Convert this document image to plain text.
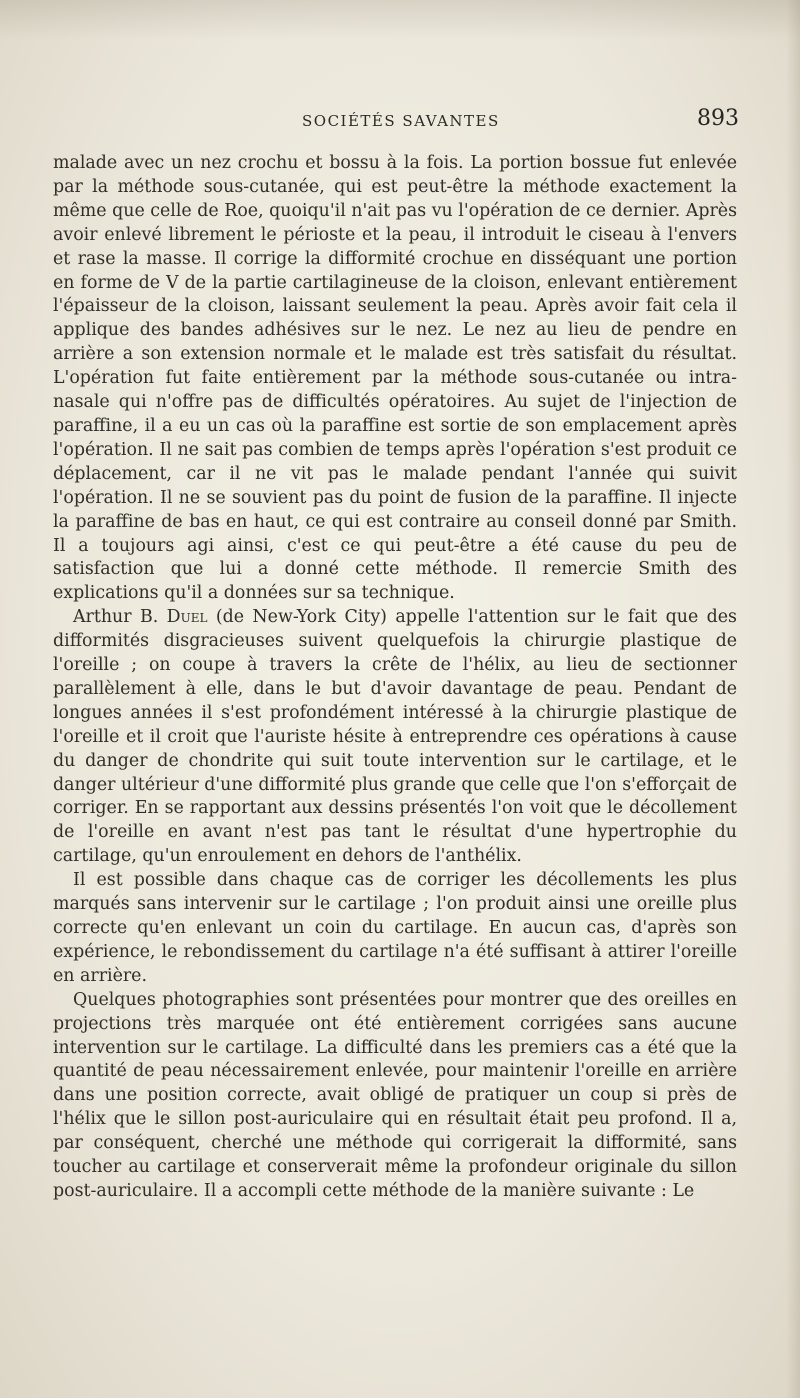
SOCIÉTÉS SAVANTES	893

malade avec un nez crochu et bossu à la fois. La portion bossue fut enlevée par la méthode sous-cutanée, qui est peut-être la méthode exactement la même que celle de Roe, quoiqu'il n'ait pas vu l'opération de ce dernier. Après avoir enlevé librement le périoste et la peau, il introduit le ciseau à l'envers et rase la masse. Il corrige la difformité crochue en disséquant une portion en forme de V de la partie cartilagineuse de la cloison, enlevant entièrement l'épaisseur de la cloison, laissant seulement la peau. Après avoir fait cela il applique des bandes adhésives sur le nez. Le nez au lieu de pendre en arrière a son extension normale et le malade est très satisfait du résultat. L'opération fut faite entièrement par la méthode sous-cutanée ou intra-nasale qui n'offre pas de difficultés opératoires. Au sujet de l'injection de paraffine, il a eu un cas où la paraffine est sortie de son emplacement après l'opération. Il ne sait pas combien de temps après l'opération s'est produit ce déplacement, car il ne vit pas le malade pendant l'année qui suivit l'opération. Il ne se souvient pas du point de fusion de la paraffine. Il injecte la paraffine de bas en haut, ce qui est contraire au conseil donné par Smith. Il a toujours agi ainsi, c'est ce qui peut-être a été cause du peu de satisfaction que lui a donné cette méthode. Il remercie Smith des explications qu'il a données sur sa technique.

Arthur B. Duel (de New-York City) appelle l'attention sur le fait que des difformités disgracieuses suivent quelquefois la chirurgie plastique de l'oreille ; on coupe à travers la crête de l'hélix, au lieu de sectionner parallèlement à elle, dans le but d'avoir davantage de peau. Pendant de longues années il s'est profondément intéressé à la chirurgie plastique de l'oreille et il croit que l'auriste hésite à entreprendre ces opérations à cause du danger de chondrite qui suit toute intervention sur le cartilage, et le danger ultérieur d'une difformité plus grande que celle que l'on s'efforçait de corriger. En se rapportant aux dessins présentés l'on voit que le décollement de l'oreille en avant n'est pas tant le résultat d'une hypertrophie du cartilage, qu'un enroulement en dehors de l'anthélix.

Il est possible dans chaque cas de corriger les décollements les plus marqués sans intervenir sur le cartilage ; l'on produit ainsi une oreille plus correcte qu'en enlevant un coin du cartilage. En aucun cas, d'après son expérience, le rebondissement du cartilage n'a été suffisant à attirer l'oreille en arrière.

Quelques photographies sont présentées pour montrer que des oreilles en projections très marquée ont été entièrement corrigées sans aucune intervention sur le cartilage. La difficulté dans les premiers cas a été que la quantité de peau nécessairement enlevée, pour maintenir l'oreille en arrière dans une position correcte, avait obligé de pratiquer un coup si près de l'hélix que le sillon post-auriculaire qui en résultait était peu profond. Il a, par conséquent, cherché une méthode qui corrigerait la difformité, sans toucher au cartilage et conserverait même la profondeur originale du sillon post-auriculaire. Il a accompli cette méthode de la manière suivante : Le
